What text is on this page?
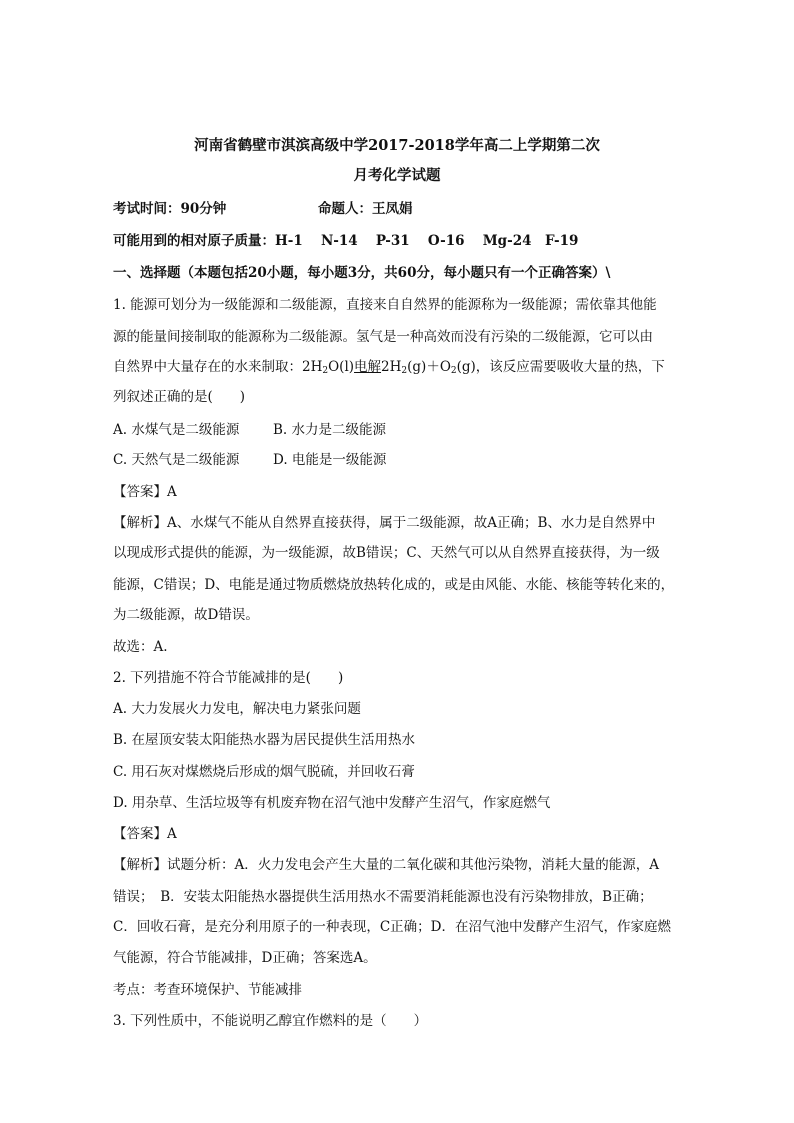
河南省鹤壁市淇滨高级中学2017-2018学年高二上学期第二次
月考化学试题
考试时间：90分钟	命题人：王凤娟
可能用到的相对原子质量：H-1　 N-14　 P-31　 O-16　 Mg-24　F-19
一、选择题（本题包括20小题，每小题3分，共60分，每小题只有一个正确答案）\
1. 能源可划分为一级能源和二级能源，直接来自自然界的能源称为一级能源；需依靠其他能
源的能量间接制取的能源称为二级能源。氢气是一种高效而没有污染的二级能源，它可以由
自然界中大量存在的水来制取：$2H_2O(l)$电解$2H_2(g)+O_2(g)$，该反应需要吸收大量的热，下
列叙述正确的是(　　)
A. 水煤气是二级能源 B. 水力是二级能源
C. 天然气是二级能源 D. 电能是一级能源
【答案】A
【解析】A、水煤气不能从自然界直接获得，属于二级能源，故A正确；B、水力是自然界中
以现成形式提供的能源，为一级能源，故B错误；C、天然气可以从自然界直接获得，为一级
能源，C错误；D、电能是通过物质燃烧放热转化成的，或是由风能、水能、核能等转化来的，
为二级能源，故D错误。
故选：A.
2. 下列措施不符合节能减排的是(　　)
A. 大力发展火力发电，解决电力紧张问题
B. 在屋顶安装太阳能热水器为居民提供生活用热水
C. 用石灰对煤燃烧后形成的烟气脱硫，并回收石膏
D. 用杂草、生活垃圾等有机废弃物在沼气池中发酵产生沼气，作家庭燃气
【答案】A
【解析】试题分析：A．火力发电会产生大量的二氧化碳和其他污染物，消耗大量的能源，A
错误；　B．安装太阳能热水器提供生活用热水不需要消耗能源也没有污染物排放，B正确；
C．回收石膏，是充分利用原子的一种表现，C正确；D．在沼气池中发酵产生沼气，作家庭燃
气能源，符合节能减排，D正确；答案选A。
考点：考查环境保护、节能减排
3. 下列性质中，不能说明乙醇宜作燃料的是（　　）
